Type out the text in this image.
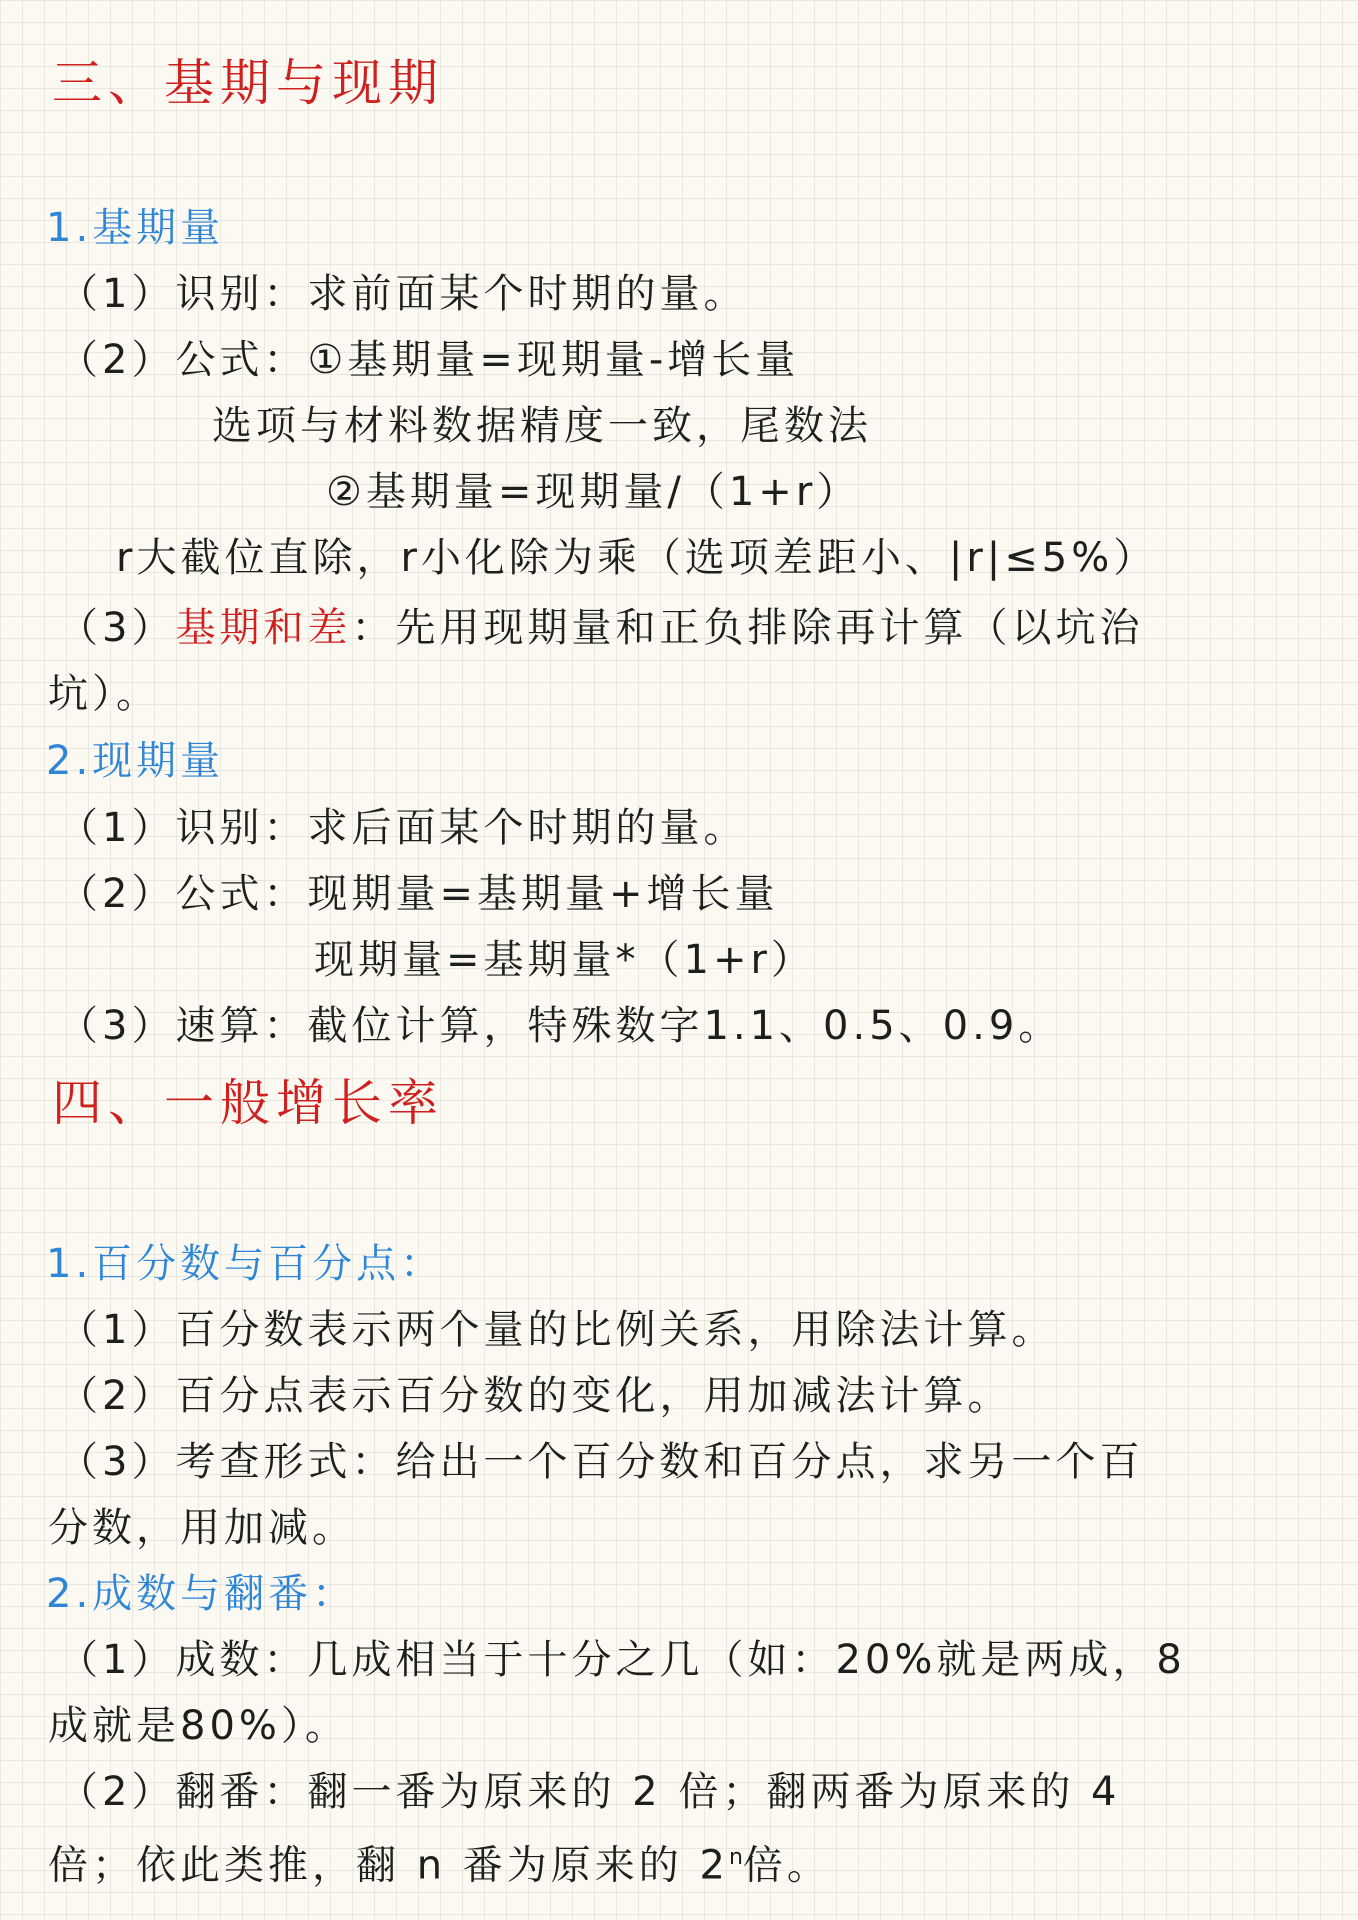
三、基期与现期
1.基期量
（1）识别：求前面某个时期的量。
（2）公式：①基期量=现期量-增长量
选项与材料数据精度一致，尾数法
②基期量=现期量/（1+r）
r大截位直除，r小化除为乘（选项差距小、|r|≤5%）
（3）基期和差：先用现期量和正负排除再计算（以坑治
坑）。
2.现期量
（1）识别：求后面某个时期的量。
（2）公式：现期量=基期量+增长量
现期量=基期量*（1+r）
（3）速算：截位计算，特殊数字1.1、0.5、0.9。
四、一般增长率
1.百分数与百分点：
（1）百分数表示两个量的比例关系，用除法计算。
（2）百分点表示百分数的变化，用加减法计算。
（3）考查形式：给出一个百分数和百分点，求另一个百
分数，用加减。
2.成数与翻番：
（1）成数：几成相当于十分之几（如：20%就是两成，8
成就是80%）。
（2）翻番：翻一番为原来的 2 倍；翻两番为原来的 4
倍；依此类推，翻 n 番为原来的 2$^n$倍。
